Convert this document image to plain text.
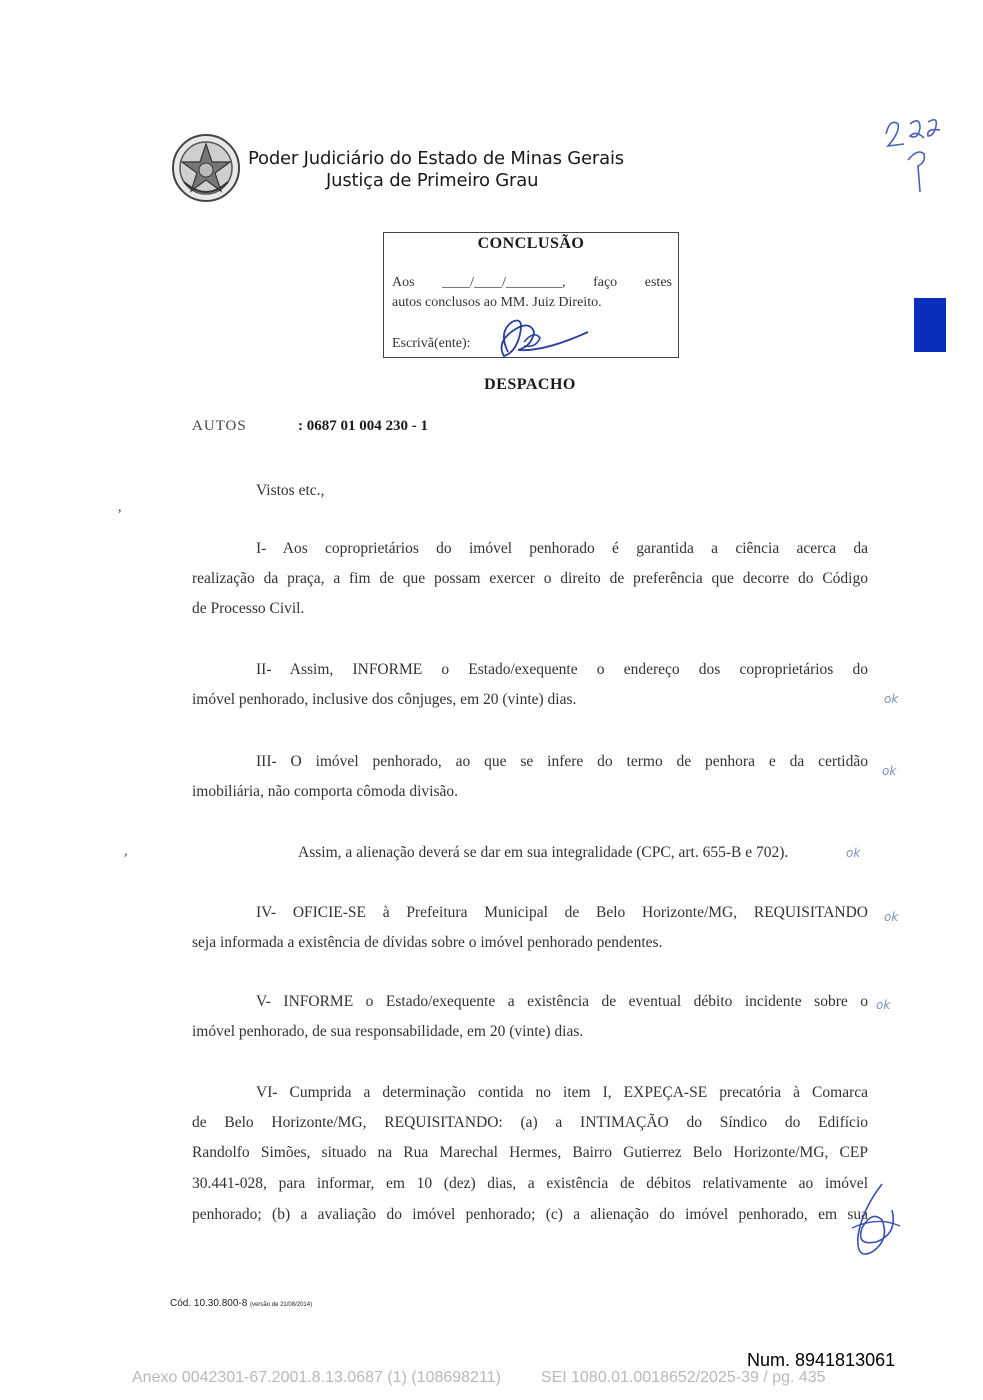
Poder Judiciário do Estado de Minas Gerais
Justiça de Primeiro Grau
CONCLUSÃO
Aos ____/____/________, faço estes
autos conclusos ao MM. Juiz Direito.
Escrivã(ente):
DESPACHO
AUTOS	: 0687 01 004 230 - 1
Vistos etc.,
,
,
I- Aos coproprietários do imóvel penhorado é garantida a ciência acerca da
realização da praça, a fim de que possam exercer o direito de preferência que decorre do Código
de Processo Civil.
II- Assim, INFORME o Estado/exequente o endereço dos coproprietários do
imóvel penhorado, inclusive dos cônjuges, em 20 (vinte) dias.	ok
III- O imóvel penhorado, ao que se infere do termo de penhora e da certidão
imobiliária, não comporta cômoda divisão.
ok
Assim, a alienação deverá se dar em sua integralidade (CPC, art. 655-B e 702).	ok
IV- OFICIE-SE à Prefeitura Municipal de Belo Horizonte/MG, REQUISITANDO
seja informada a existência de dívidas sobre o imóvel penhorado pendentes.
ok
V- INFORME o Estado/exequente a existência de eventual débito incidente sobre o
imóvel penhorado, de sua responsabilidade, em 20 (vinte) dias.
ok
VI- Cumprida a determinação contida no item I, EXPEÇA-SE precatória à Comarca
de Belo Horizonte/MG, REQUISITANDO: (a) a INTIMAÇÃO do Síndico do Edifício
Randolfo Simões, situado na Rua Marechal Hermes, Bairro Gutierrez Belo Horizonte/MG, CEP
30.441-028, para informar, em 10 (dez) dias, a existência de débitos relativamente ao imóvel
penhorado; (b) a avaliação do imóvel penhorado; (c) a alienação do imóvel penhorado, em sua
Cód. 10.30.800-8 (versão de 21/08/2014)
Num. 8941813061
Anexo 0042301-67.2001.8.13.0687 (1) (108698211)	SEI 1080.01.0018652/2025-39 / pg. 435
